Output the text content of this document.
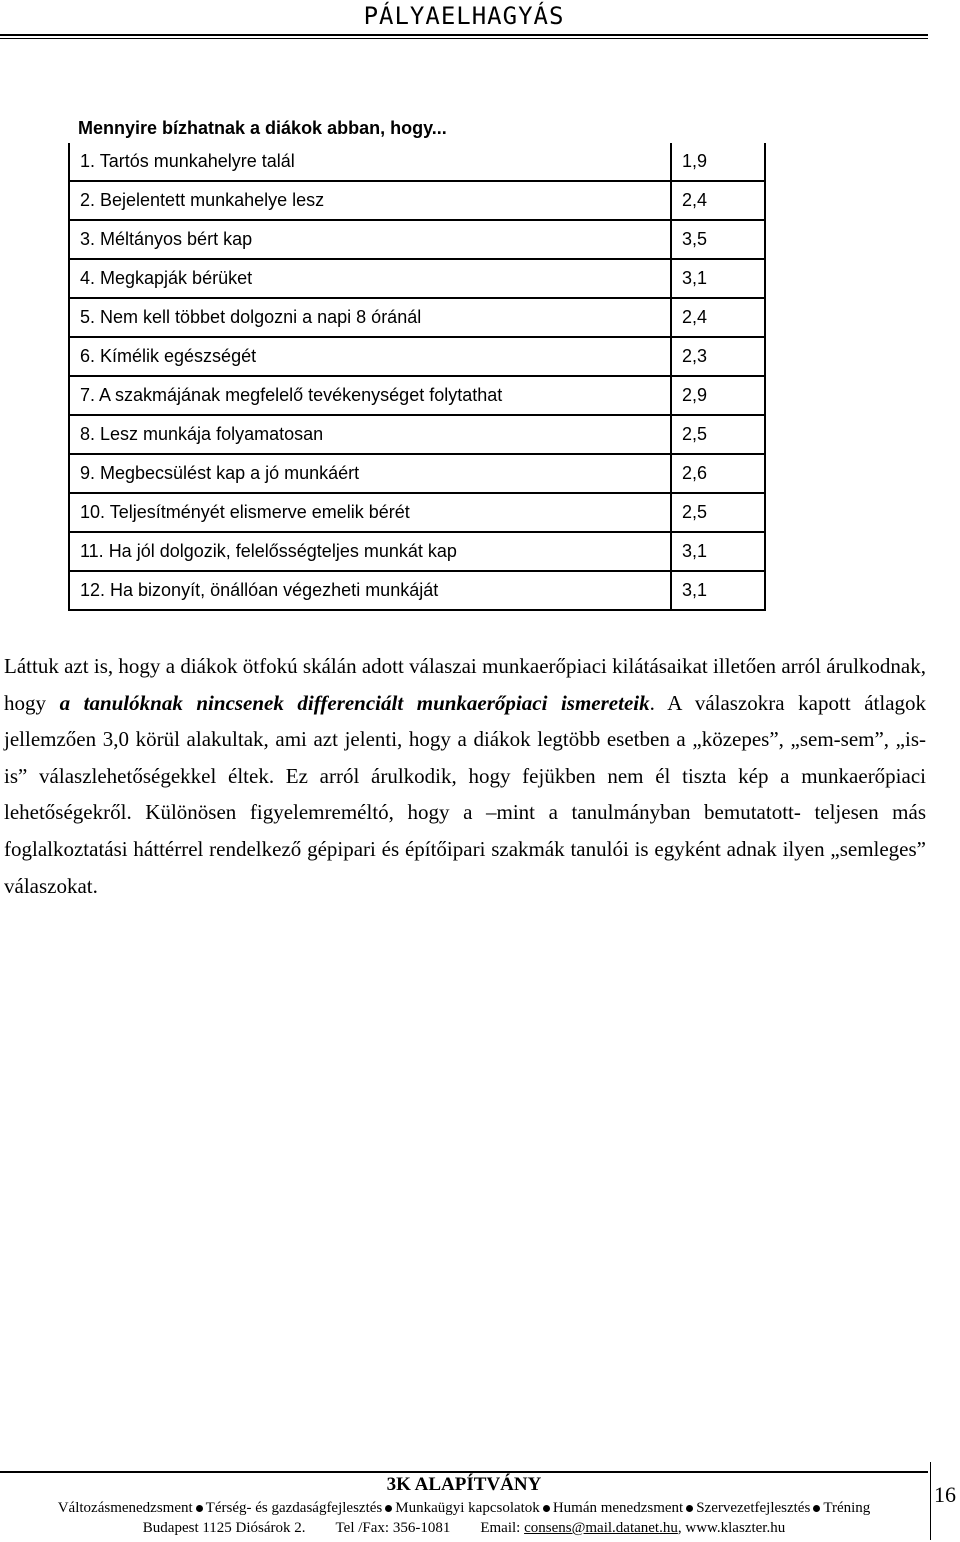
PÁLYAELHAGYÁS
Mennyire bízhatnak a diákok abban, hogy...
1. Tartós munkahelyre talál	1,9
2. Bejelentett munkahelye lesz	2,4
3. Méltányos bért kap	3,5
4. Megkapják bérüket	3,1
5. Nem kell többet dolgozni a napi 8 óránál	2,4
6. Kímélik egészségét	2,3
7. A szakmájának megfelelő tevékenységet folytathat	2,9
8. Lesz munkája folyamatosan	2,5
9. Megbecsülést kap a jó munkáért	2,6
10. Teljesítményét elismerve emelik bérét	2,5
11. Ha jól dolgozik, felelősségteljes munkát kap	3,1
12. Ha bizonyít, önállóan végezheti munkáját	3,1

Láttuk azt is, hogy a diákok ötfokú skálán adott válaszai munkaerőpiaci kilátásaikat illetően arról árulkodnak, hogy a tanulóknak nincsenek differenciált munkaerőpiaci ismereteik. A válaszokra kapott átlagok jellemzően 3,0 körül alakultak, ami azt jelenti, hogy a diákok legtöbb esetben a „közepes”, „sem-sem”, „is-is” válaszlehetőségekkel éltek. Ez arról árulkodik, hogy fejükben nem él tiszta kép a munkaerőpiaci lehetőségekről. Különösen figyelemreméltó, hogy a –mint a tanulmányban bemutatott- teljesen más foglalkoztatási háttérrel rendelkező gépipari és építőipari szakmák tanulói is egyként adnak ilyen „semleges” válaszokat.

3K ALAPÍTVÁNY
Változásmenedzsment Térség- és gazdaságfejlesztés Munkaügyi kapcsolatok Humán menedzsment Szervezetfejlesztés Tréning
Budapest 1125 Diósárok 2. Tel /Fax: 356-1081 Email: consens@mail.datanet.hu, www.klaszter.hu
16
